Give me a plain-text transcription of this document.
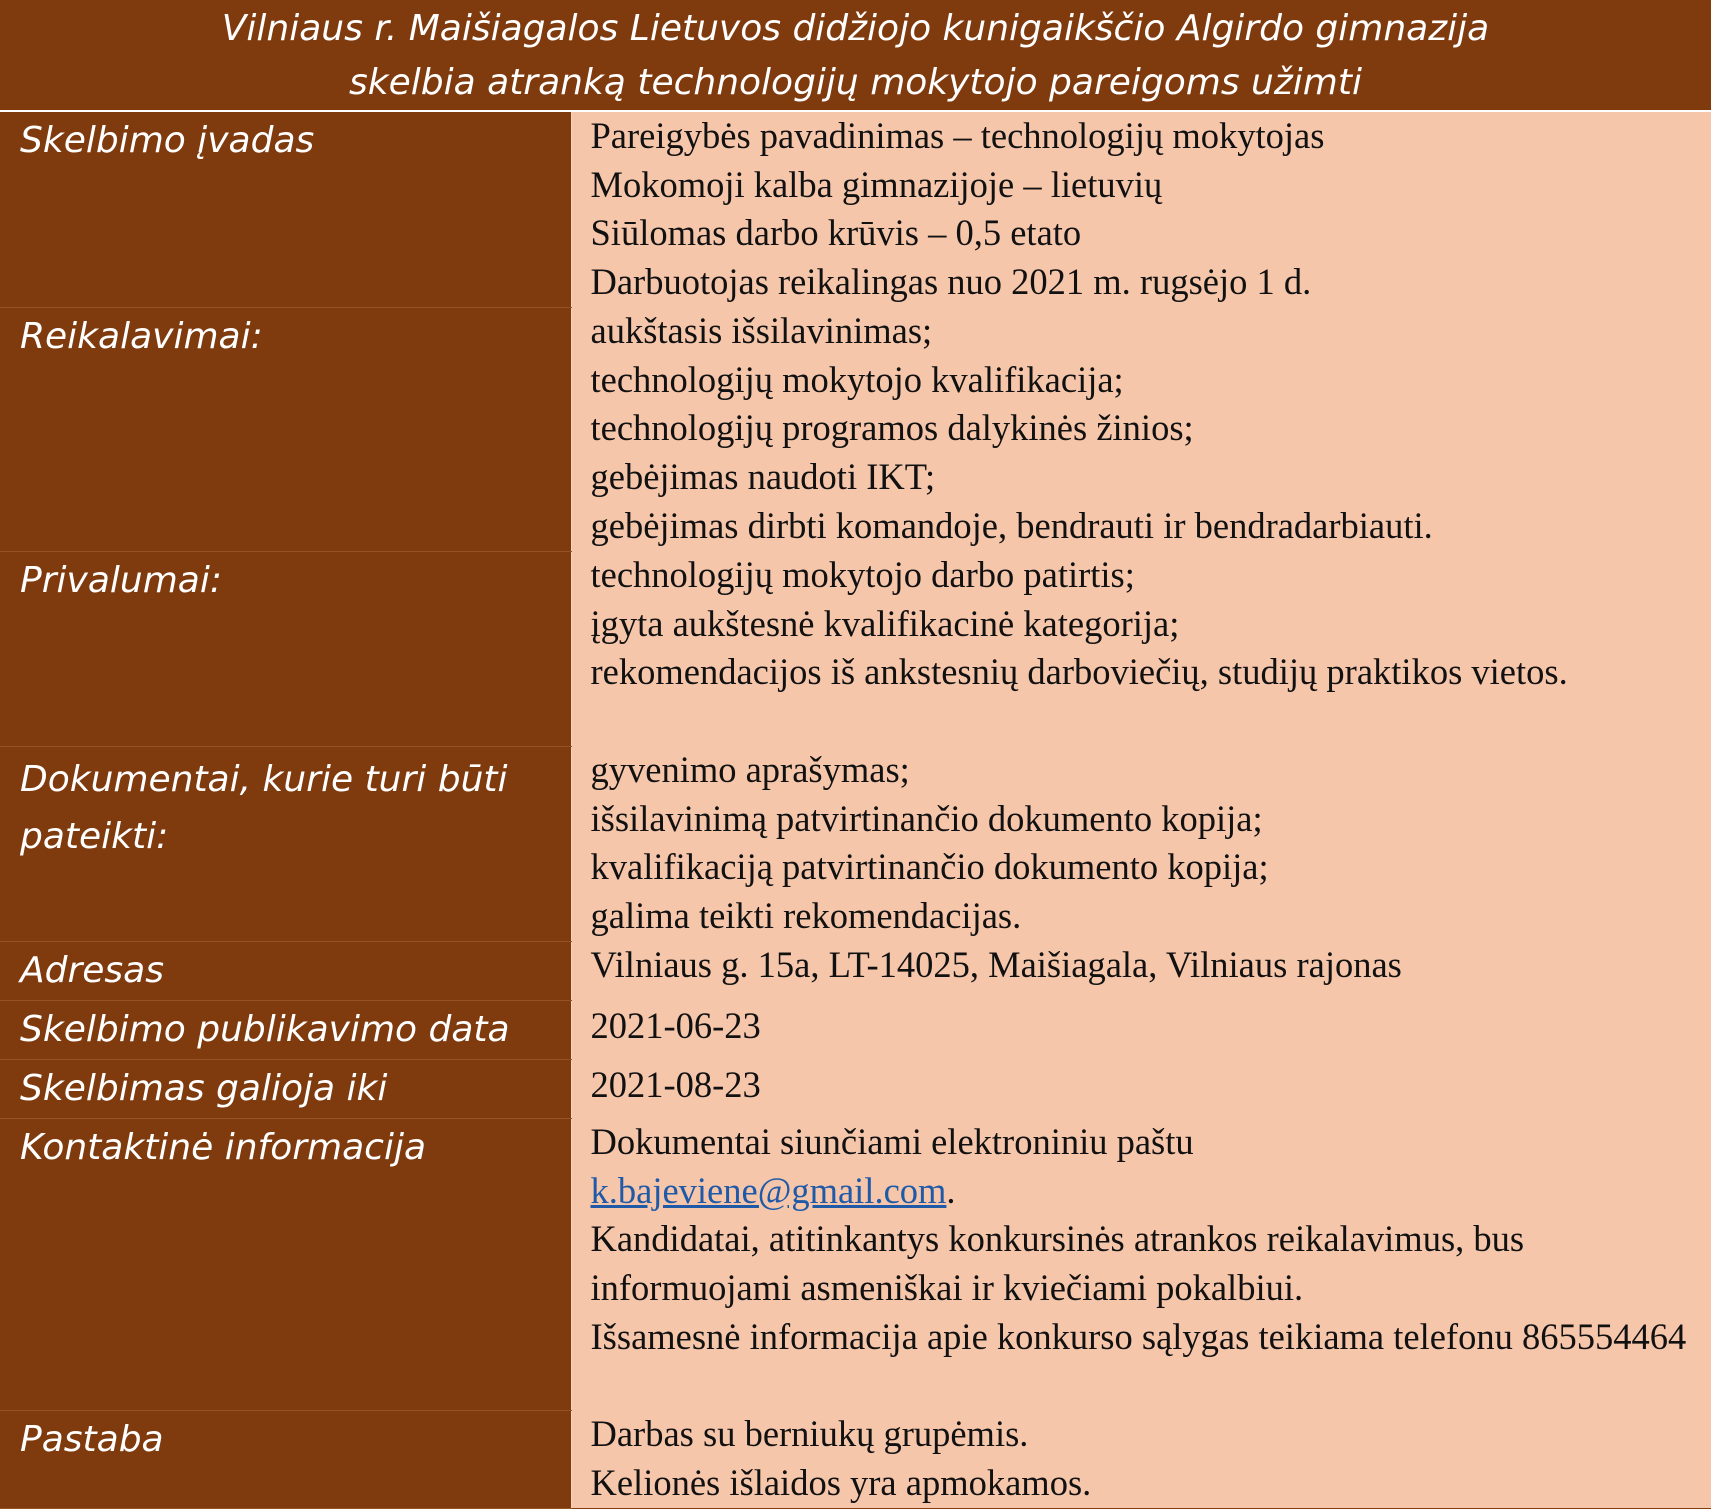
Vilniaus r. Maišiagalos Lietuvos didžiojo kunigaikščio Algirdo gimnazija
skelbia atranką technologijų mokytojo pareigoms užimti
Skelbimo įvadas	Pareigybės pavadinimas – technologijų mokytojas
Mokomoji kalba gimnazijoje – lietuvių
Siūlomas darbo krūvis – 0,5 etato
Darbuotojas reikalingas nuo 2021 m. rugsėjo 1 d.

Reikalavimai:	aukštasis išsilavinimas;
technologijų mokytojo kvalifikacija;
technologijų programos dalykinės žinios;
gebėjimas naudoti IKT;
gebėjimas dirbti komandoje, bendrauti ir bendradarbiauti.

Privalumai:	technologijų mokytojo darbo patirtis;
įgyta aukštesnė kvalifikacinė kategorija;
rekomendacijos iš ankstesnių darboviečių, studijų praktikos vietos.

Dokumentai, kurie turi būti pateikti:	gyvenimo aprašymas;
išsilavinimą patvirtinančio dokumento kopija;
kvalifikaciją patvirtinančio dokumento kopija;
galima teikti rekomendacijas.

Adresas	Vilniaus g. 15a, LT-14025, Maišiagala, Vilniaus rajonas

Skelbimo publikavimo data	2021-06-23

Skelbimas galioja iki	2021-08-23

Kontaktinė informacija	Dokumentai siunčiami elektroniniu paštu
k.bajeviene@gmail.com.
Kandidatai, atitinkantys konkursinės atrankos reikalavimus, bus informuojami asmeniškai ir kviečiami pokalbiui.
Išsamesnė informacija apie konkurso sąlygas teikiama telefonu 865554464

Pastaba	Darbas su berniukų grupėmis.
Kelionės išlaidos yra apmokamos.
